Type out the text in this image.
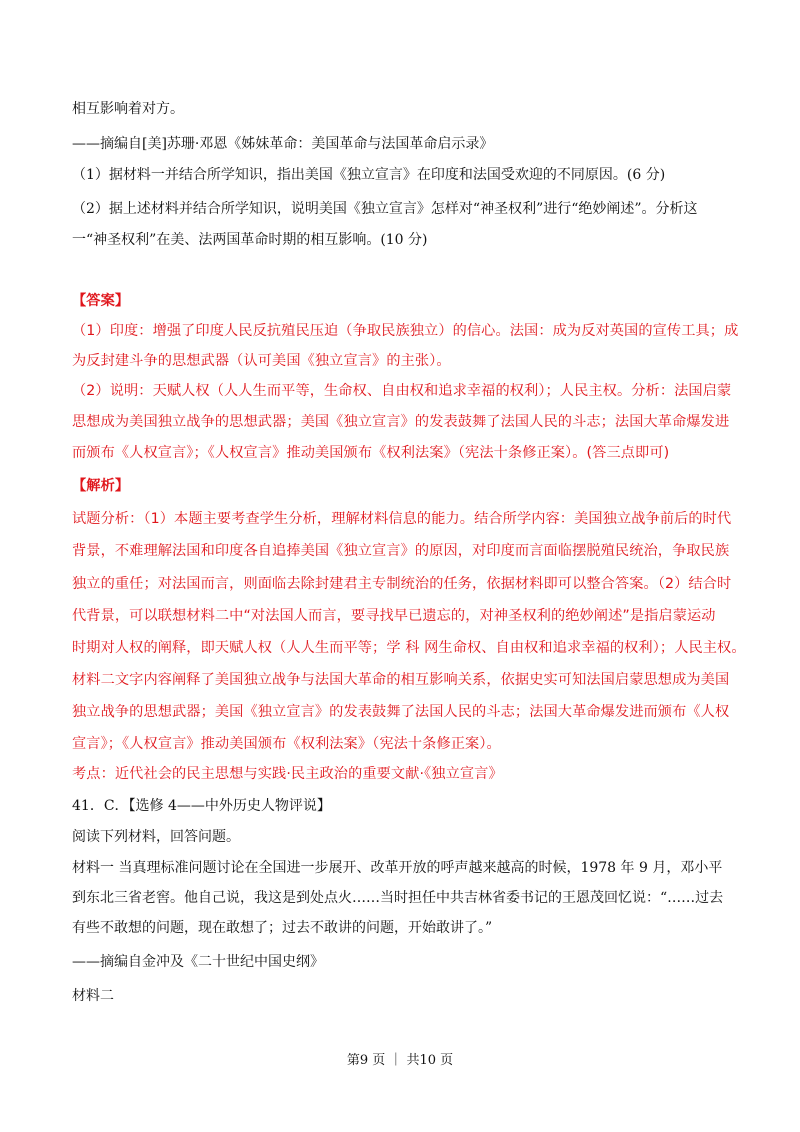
相互影响着对方。
——摘编自[美]苏珊·邓恩《姊妹革命：美国革命与法国革命启示录》
（1）据材料一并结合所学知识，指出美国《独立宣言》在印度和法国受欢迎的不同原因。(6 分)
（2）据上述材料并结合所学知识，说明美国《独立宣言》怎样对“神圣权利”进行“绝妙阐述”。分析这
一“神圣权利”在美、法两国革命时期的相互影响。(10 分)
【答案】
（1）印度：增强了印度人民反抗殖民压迫（争取民族独立）的信心。法国：成为反对英国的宣传工具；成
为反封建斗争的思想武器（认可美国《独立宣言》的主张）。
（2）说明：天赋人权（人人生而平等，生命权、自由权和追求幸福的权利）；人民主权。分析：法国启蒙
思想成为美国独立战争的思想武器；美国《独立宣言》的发表鼓舞了法国人民的斗志；法国大革命爆发进
而颁布《人权宣言》；《人权宣言》推动美国颁布《权利法案》（宪法十条修正案）。(答三点即可)
【解析】
试题分析：（1）本题主要考查学生分析，理解材料信息的能力。结合所学内容：美国独立战争前后的时代
背景，不难理解法国和印度各自追捧美国《独立宣言》的原因，对印度而言面临摆脱殖民统治，争取民族
独立的重任；对法国而言，则面临去除封建君主专制统治的任务，依据材料即可以整合答案。（2）结合时
代背景，可以联想材料二中“对法国人而言，要寻找早已遗忘的，对神圣权利的绝妙阐述”是指启蒙运动
时期对人权的阐释，即天赋人权（人人生而平等；学 科 网生命权、自由权和追求幸福的权利）；人民主权。
材料二文字内容阐释了美国独立战争与法国大革命的相互影响关系，依据史实可知法国启蒙思想成为美国
独立战争的思想武器；美国《独立宣言》的发表鼓舞了法国人民的斗志；法国大革命爆发进而颁布《人权
宣言》；《人权宣言》推动美国颁布《权利法案》（宪法十条修正案）。
考点：近代社会的民主思想与实践·民主政治的重要文献·《独立宣言》
41．C．【选修 4——中外历史人物评说】
阅读下列材料，回答问题。
材料一 当真理标准问题讨论在全国进一步展开、改革开放的呼声越来越高的时候，1978 年 9 月，邓小平
到东北三省老窖。他自己说，我这是到处点火……当时担任中共吉林省委书记的王恩茂回忆说：“……过去
有些不敢想的问题，现在敢想了；过去不敢讲的问题，开始敢讲了。”
——摘编自金冲及《二十世纪中国史纲》
材料二
第9 页 ｜ 共10 页
